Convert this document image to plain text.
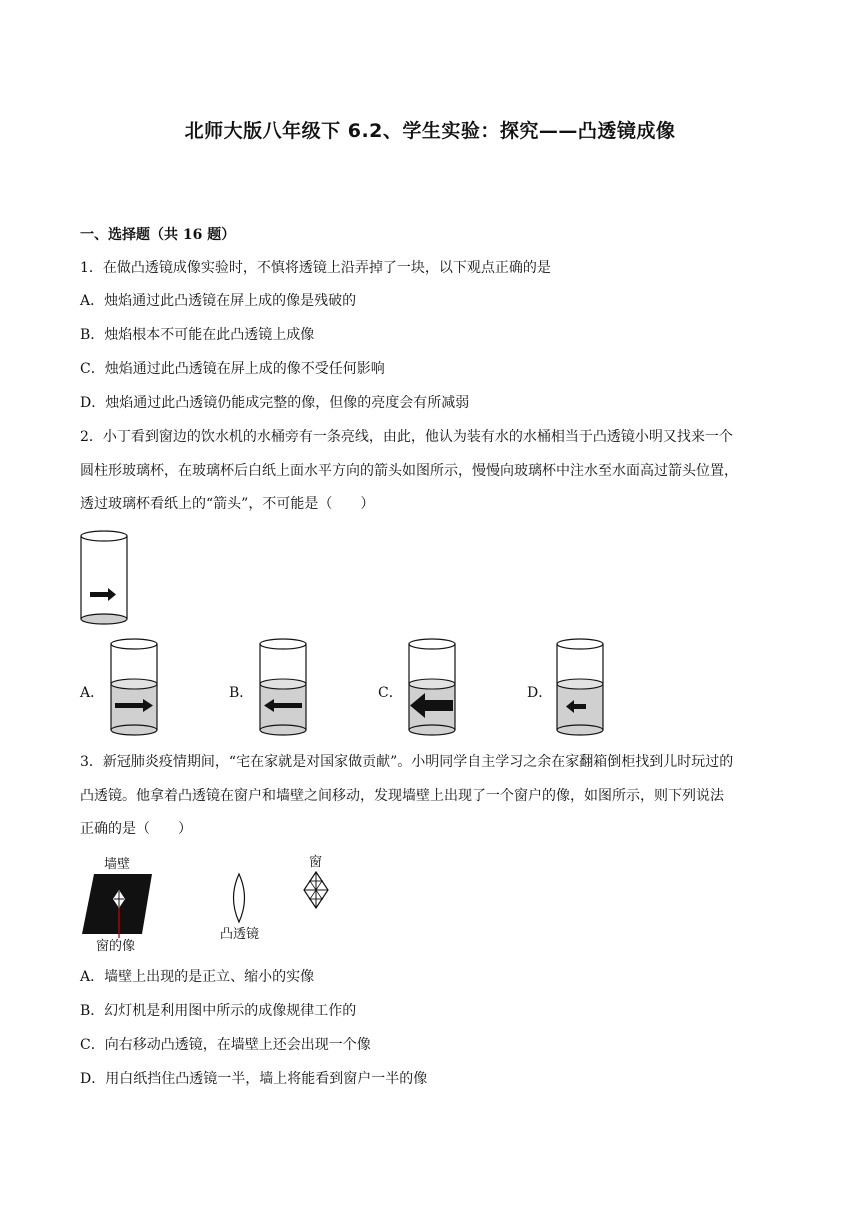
北师大版八年级下 6.2、学生实验：探究——凸透镜成像
一、选择题（共 16 题）
1．在做凸透镜成像实验时，不慎将透镜上沿弄掉了一块，以下观点正确的是
A．烛焰通过此凸透镜在屏上成的像是残破的
B．烛焰根本不可能在此凸透镜上成像
C．烛焰通过此凸透镜在屏上成的像不受任何影响
D．烛焰通过此凸透镜仍能成完整的像，但像的亮度会有所减弱
2．小丁看到窗边的饮水机的水桶旁有一条亮线，由此，他认为装有水的水桶相当于凸透镜小明又找来一个
圆柱形玻璃杯，在玻璃杯后白纸上面水平方向的箭头如图所示，慢慢向玻璃杯中注水至水面高过箭头位置，
透过玻璃杯看纸上的“箭头”，不可能是（　　）
A．	B．	C．	D．
3．新冠肺炎疫情期间，“宅在家就是对国家做贡献”。小明同学自主学习之余在家翻箱倒柜找到儿时玩过的
凸透镜。他拿着凸透镜在窗户和墙壁之间移动，发现墙壁上出现了一个窗户的像，如图所示，则下列说法
正确的是（　　）
墙壁
窗的像
凸透镜
窗
A．墙壁上出现的是正立、缩小的实像
B．幻灯机是利用图中所示的成像规律工作的
C．向右移动凸透镜，在墙壁上还会出现一个像
D．用白纸挡住凸透镜一半，墙上将能看到窗户一半的像
